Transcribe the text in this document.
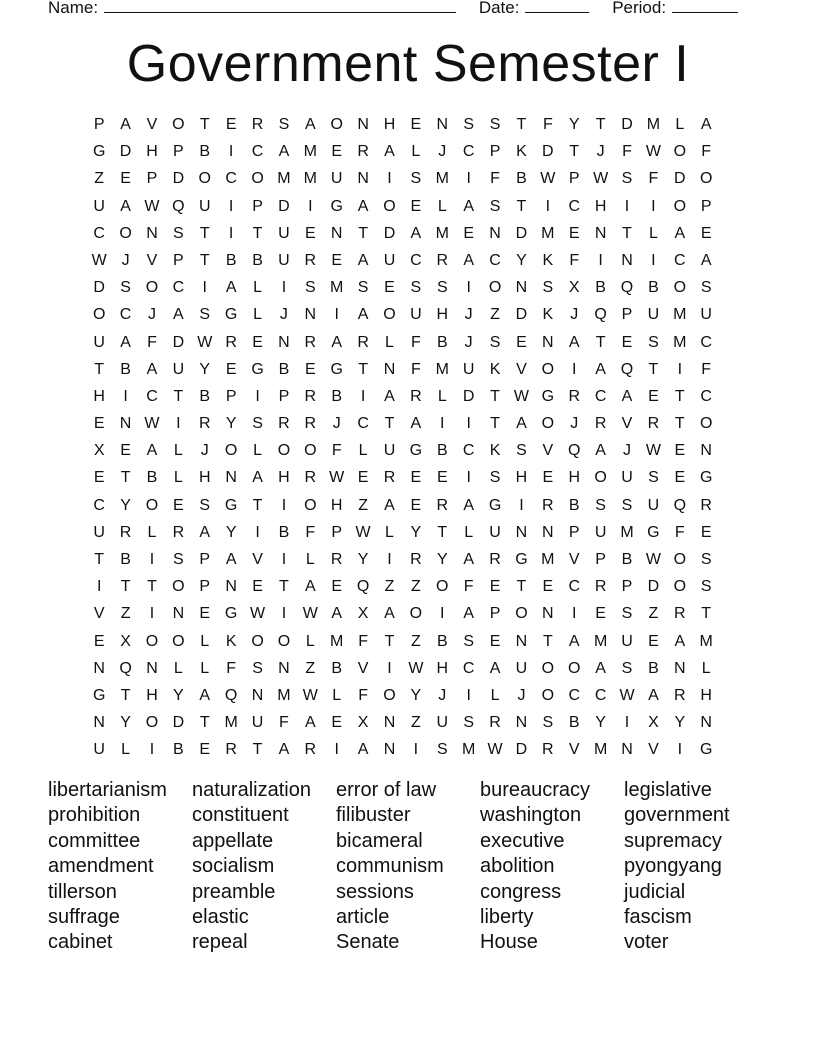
Name:	Date:	Period:
Government Semester I
P A V O T	E R S A O N H E N S S	T	F	Y	T D M L	A
G D H P B	I	C A M E R A	L	J	C P K D T	J	F W O F
Z	E P D O C O M M U N	I	S M	I	F	B W P W S	F D O
U A W Q U	I	P D	I	G A O E	L	A S	T	I	C H	I	I	O P
C O N S	T	I	T U E N T D A M E N D M E N T	L	A E
W J	V P	T	B B U R E A U C R A C Y K	F	I	N	I	C A
D S O C	I	A	L	I	S M S E S S	I	O N S X B Q B O S
O C	J	A S G L	J	N	I	A O U H	J	Z D K	J	Q P U M U
U A	F D W R E N R A R	L	F	B	J	S E N A	T	E S M C
T	B A U Y E G B E G T N F M U K V O	I	A Q T	I	F
H	I	C T	B P	I	P R B	I	A R	L	D T W G R C A E	T C
E N W	I	R Y S R R	J	C T	A	I	I	T	A O	J	R V R T O
X E A	L	J	O L O O F	L	U G B C K S V Q A	J W E N
E	T	B	L	H N A H R W E R E E	I	S H E H O U S E G
C Y O E S G T	I	O H Z	A E R A G	I	R B S S U Q R
U R	L	R A Y	I	B	F	P W L	Y	T	L	U N N P U M G F	E
T	B	I	S P A V	I	L	R Y	I	R Y A R G M V P B W O S
I	T	T O P N E	T	A E Q Z	Z O F	E	T	E C R P D O S
V	Z	I	N E G W	I	W A X A O	I	A P O N	I	E S	Z R T
E X O O L	K O O L M F	T	Z	B S E N T	A M U E A M
N Q N	L	L	F	S N Z	B V	I	W H C A U O O A S B N	L
G T H Y A Q N M W L	F O Y	J	I	L	J	O C C W A R H
N Y O D T M U F	A E X N Z U S R N S B Y	I	X Y N
U	L	I	B E R T	A R	I	A N	I	S M W D R V M N V	I	G
libertarianism
prohibition
committee
amendment
tillerson
suffrage
cabinet
naturalization
constituent
appellate
socialism
preamble
elastic
repeal
error of law
filibuster
bicameral
communism
sessions
article
Senate
bureaucracy
washington
executive
abolition
congress
liberty
House
legislative
government
supremacy
pyongyang
judicial
fascism
voter
